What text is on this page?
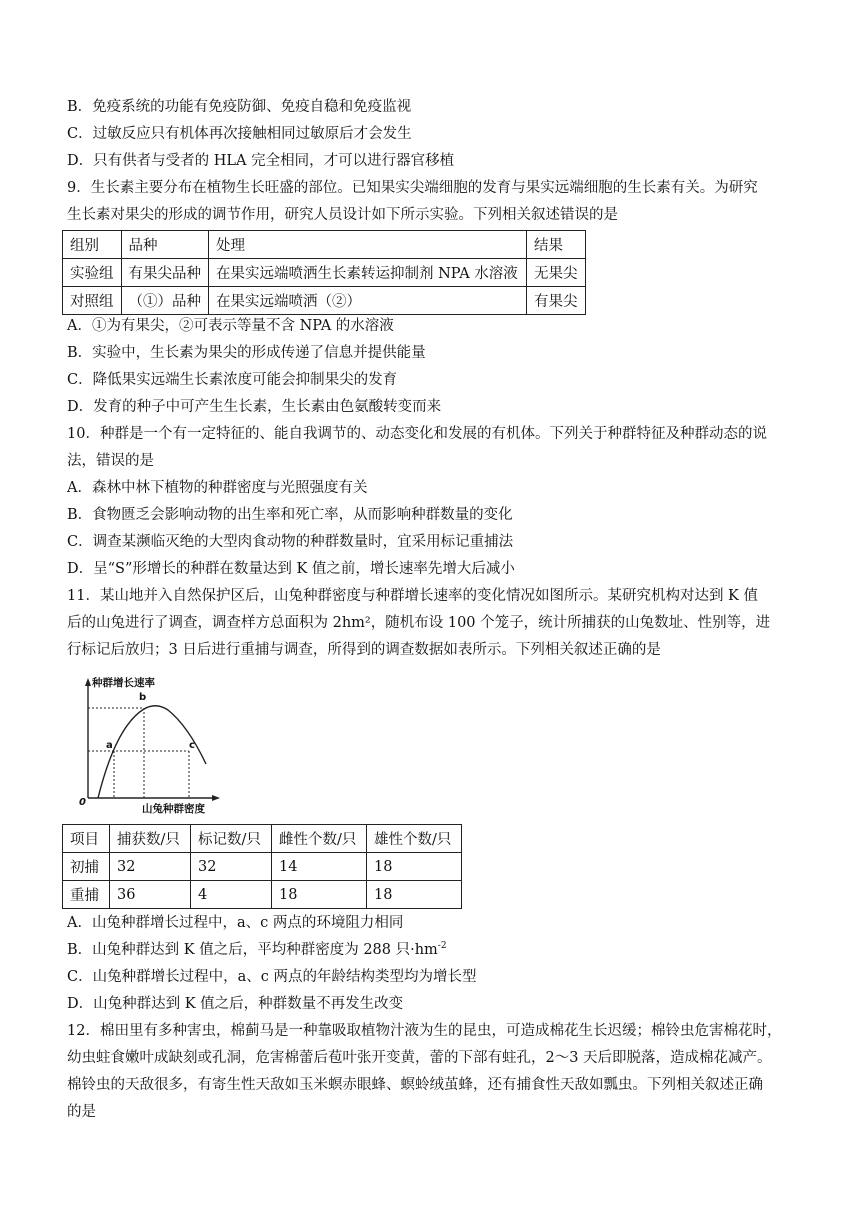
B．免疫系统的功能有免疫防御、免疫自稳和免疫监视
C．过敏反应只有机体再次接触相同过敏原后才会发生
D．只有供者与受者的 HLA 完全相同，才可以进行器官移植
9．生长素主要分布在植物生长旺盛的部位。已知果实尖端细胞的发育与果实远端细胞的生长素有关。为研究
生长素对果尖的形成的调节作用，研究人员设计如下所示实验。下列相关叙述错误的是
组别	品种	处理	结果
实验组	有果尖品种	在果实远端喷洒生长素转运抑制剂 NPA 水溶液	无果尖
对照组	（①）品种	在果实远端喷洒（②）	有果尖
A．①为有果尖，②可表示等量不含 NPA 的水溶液
B．实验中，生长素为果尖的形成传递了信息并提供能量
C．降低果实远端生长素浓度可能会抑制果尖的发育
D．发育的种子中可产生生长素，生长素由色氨酸转变而来
10．种群是一个有一定特征的、能自我调节的、动态变化和发展的有机体。下列关于种群特征及种群动态的说
法，错误的是
A．森林中林下植物的种群密度与光照强度有关
B．食物匮乏会影响动物的出生率和死亡率，从而影响种群数量的变化
C．调查某濒临灭绝的大型肉食动物的种群数量时，宜采用标记重捕法
D．呈“S”形增长的种群在数量达到 K 值之前，增长速率先增大后减小
11．某山地并入自然保护区后，山兔种群密度与种群增长速率的变化情况如图所示。某研究机构对达到 K 值
后的山兔进行了调查，调查样方总面积为 2hm²，随机布设 100 个笼子，统计所捕获的山兔数址、性别等，进
行标记后放归；3 日后进行重捕与调查，所得到的调查数据如表所示。下列相关叙述正确的是
种群增长速率
b
a	c
0
山兔种群密度
项目	捕获数/只	标记数/只	雌性个数/只	雄性个数/只
初捕	32	32	14	18
重捕	36	4	18	18
A．山兔种群增长过程中，a、c 两点的环境阻力相同
B．山兔种群达到 K 值之后，平均种群密度为 288 只$\cdot hm^{-2}$
C．山兔种群增长过程中，a、c 两点的年龄结构类型均为增长型
D．山兔种群达到 K 值之后，种群数量不再发生改变
12．棉田里有多种害虫，棉蓟马是一种靠吸取植物汁液为生的昆虫，可造成棉花生长迟缓；棉铃虫危害棉花时，
幼虫蛀食嫩叶成缺刻或孔洞，危害棉蕾后苞叶张开变黄，蕾的下部有蛀孔，2～3 天后即脱落，造成棉花减产。
棉铃虫的天敌很多，有寄生性天敌如玉米螟赤眼蜂、螟蛉绒茧蜂，还有捕食性天敌如瓢虫。下列相关叙述正确
的是
